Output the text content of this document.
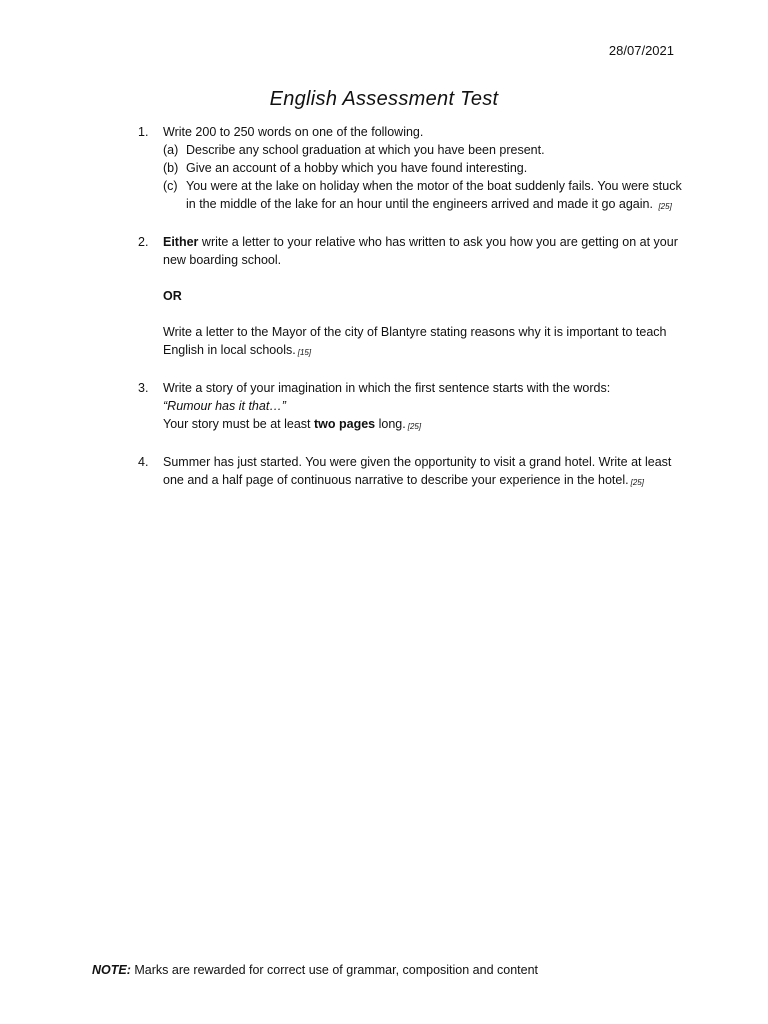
28/07/2021
English Assessment Test
1. Write 200 to 250 words on one of the following.
(a) Describe any school graduation at which you have been present.
(b) Give an account of a hobby which you have found interesting.
(c) You were at the lake on holiday when the motor of the boat suddenly fails. You were stuck in the middle of the lake for an hour until the engineers arrived and made it go again. [25]
2. Either write a letter to your relative who has written to ask you how you are getting on at your new boarding school.
OR
Write a letter to the Mayor of the city of Blantyre stating reasons why it is important to teach English in local schools. [15]
3. Write a story of your imagination in which the first sentence starts with the words:
“Rumour has it that…”
Your story must be at least two pages long. [25]
4. Summer has just started. You were given the opportunity to visit a grand hotel. Write at least one and a half page of continuous narrative to describe your experience in the hotel. [25]
NOTE: Marks are rewarded for correct use of grammar, composition and content
